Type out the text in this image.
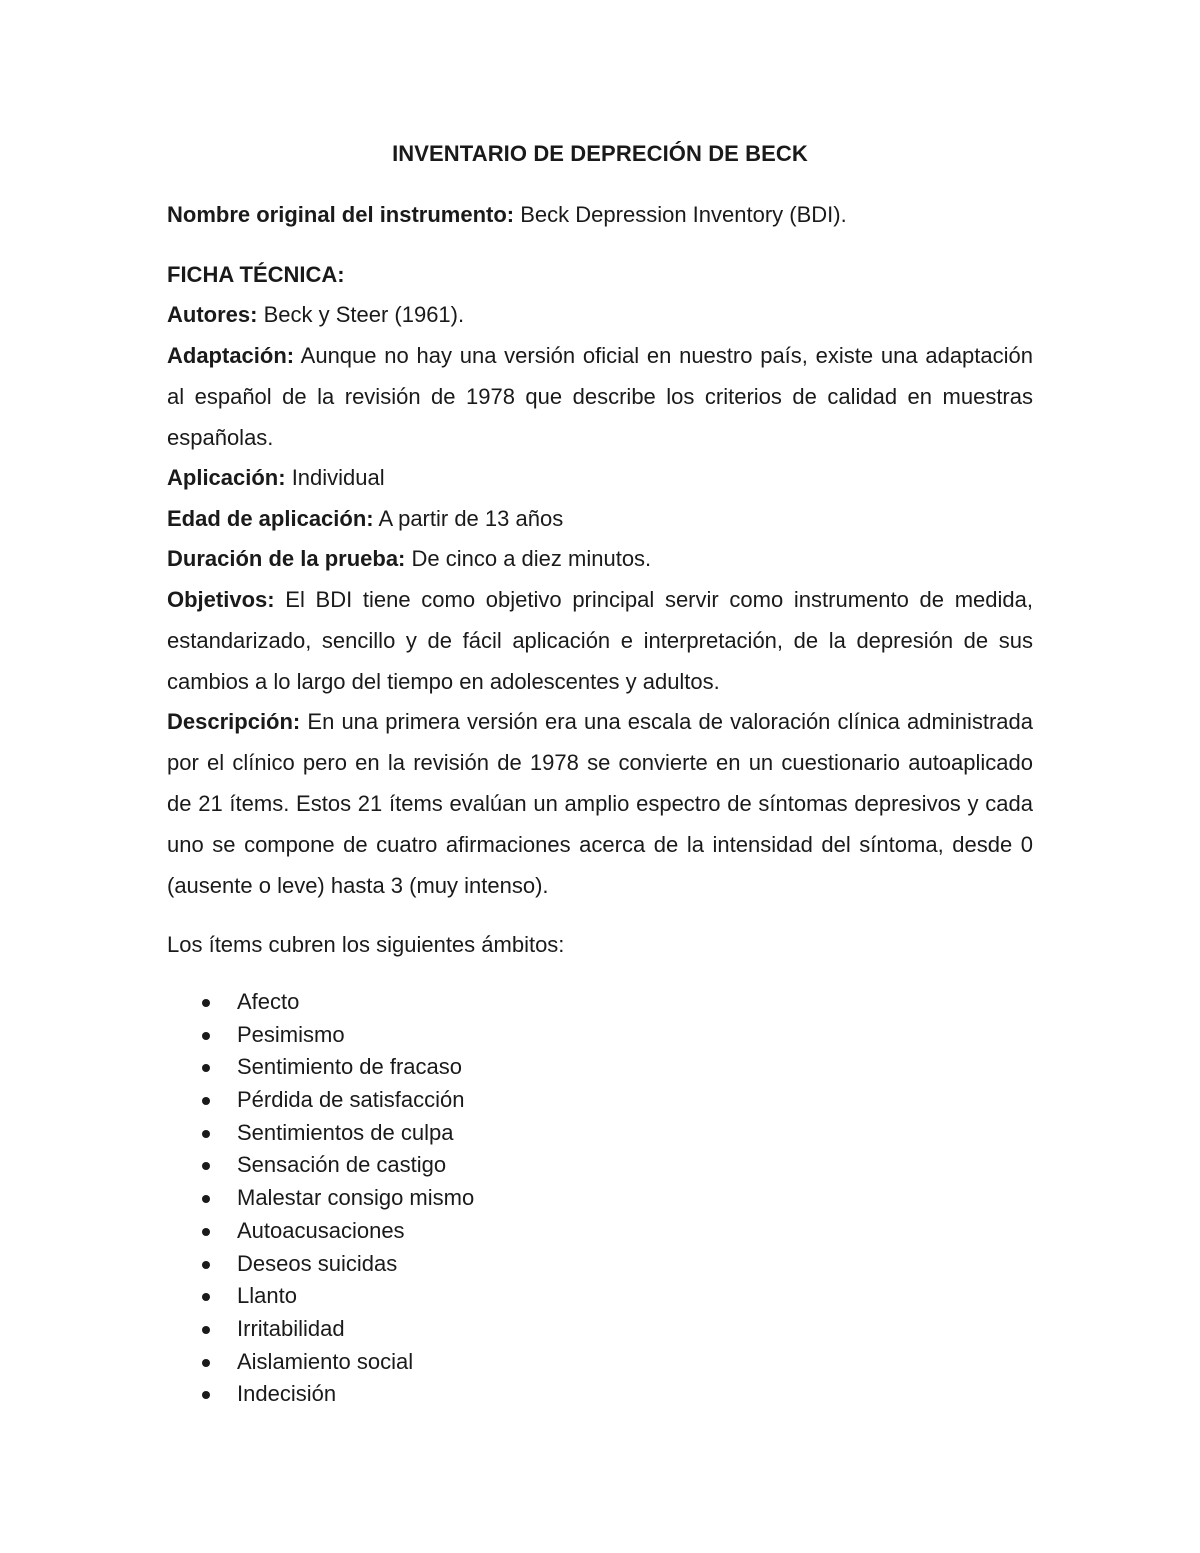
INVENTARIO DE DEPRECIÓN DE BECK
Nombre original del instrumento: Beck Depression Inventory (BDI).
FICHA TÉCNICA:
Autores: Beck y Steer (1961).
Adaptación: Aunque no hay una versión oficial en nuestro país, existe una adaptación al español de la revisión de 1978 que describe los criterios de calidad en muestras españolas.
Aplicación: Individual
Edad de aplicación: A partir de 13 años
Duración de la prueba: De cinco a diez minutos.
Objetivos: El BDI tiene como objetivo principal servir como instrumento de medida, estandarizado, sencillo y de fácil aplicación e interpretación, de la depresión de sus cambios a lo largo del tiempo en adolescentes y adultos.
Descripción: En una primera versión era una escala de valoración clínica administrada por el clínico pero en la revisión de 1978 se convierte en un cuestionario autoaplicado de 21 ítems. Estos 21 ítems evalúan un amplio espectro de síntomas depresivos y cada uno se compone de cuatro afirmaciones acerca de la intensidad del síntoma, desde 0 (ausente o leve) hasta 3 (muy intenso).
Los ítems cubren los siguientes ámbitos:
Afecto
Pesimismo
Sentimiento de fracaso
Pérdida de satisfacción
Sentimientos de culpa
Sensación de castigo
Malestar consigo mismo
Autoacusaciones
Deseos suicidas
Llanto
Irritabilidad
Aislamiento social
Indecisión
